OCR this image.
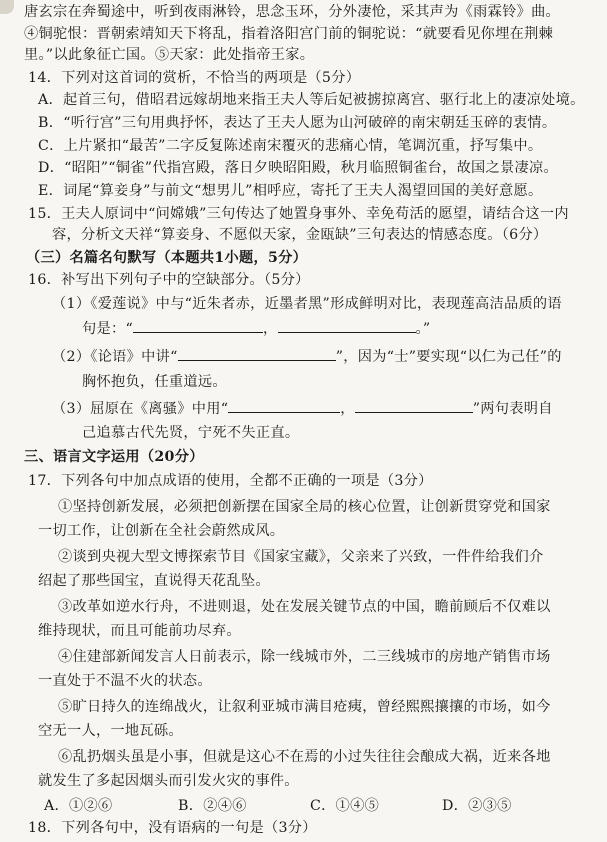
唐玄宗在奔蜀途中，听到夜雨淋铃，思念玉环，分外凄怆，采其声为《雨霖铃》曲。
④铜驼恨：晋朝索靖知天下将乱，指着洛阳宫门前的铜驼说：“就要看见你埋在荆棘
里。”以此象征亡国。⑤天家：此处指帝王家。
14．下列对这首词的赏析，不恰当的两项是（5分）
A．起首三句，借昭君远嫁胡地来指王夫人等后妃被掳掠离宫、驱行北上的凄凉处境。
B．“听行宫”三句用典抒怀，表达了王夫人愿为山河破碎的南宋朝廷玉碎的衷情。
C．上片紧扣“最苦”二字反复陈述南宋覆灭的悲痛心情，笔调沉重，抒写集中。
D．“昭阳”“铜雀”代指宫殿，落日夕映昭阳殿，秋月临照铜雀台，故国之景凄凉。
E．词尾“算妾身”与前文“想男儿”相呼应，寄托了王夫人渴望回国的美好意愿。
15．王夫人原词中“问嫦娥”三句传达了她置身事外、幸免苟活的愿望，请结合这一内
容，分析文天祥“算妾身、不愿似天家，金瓯缺”三句表达的情感态度。（6分）
（三）名篇名句默写（本题共1小题，5分）
16．补写出下列句子中的空缺部分。（5分）
（1）《爱莲说》中与“近朱者赤，近墨者黑”形成鲜明对比，表现莲高洁品质的语
句是：“	，	。”
（2）《论语》中讲“	”，因为“士”要实现“以仁为己任”的
胸怀抱负，任重道远。
（3）屈原在《离骚》中用“	，	”两句表明自
己追慕古代先贤，宁死不失正直。
三、语言文字运用（20分）
17．下列各句中加点成语的使用，全都不正确的一项是（3分）
①坚持创新发展，必须把创新摆在国家全局的核心位置，让创新贯穿党和国家
一切工作，让创新在全社会蔚然成风。
②谈到央视大型文博探索节目《国家宝藏》，父亲来了兴致，一件件给我们介
绍起了那些国宝，直说得天花乱坠。
③改革如逆水行舟，不进则退，处在发展关键节点的中国，瞻前顾后不仅难以
维持现状，而且可能前功尽弃。
④住建部新闻发言人日前表示，除一线城市外，二三线城市的房地产销售市场
一直处于不温不火的状态。
⑤旷日持久的连绵战火，让叙利亚城市满目疮痍，曾经熙熙攘攘的市场，如今
空无一人，一地瓦砾。
⑥乱扔烟头虽是小事，但就是这心不在焉的小过失往往会酿成大祸，近来各地
就发生了多起因烟头而引发火灾的事件。
A．①②⑥	B．②④⑥	C．①④⑤	D．②③⑤
18．下列各句中，没有语病的一句是（3分）
